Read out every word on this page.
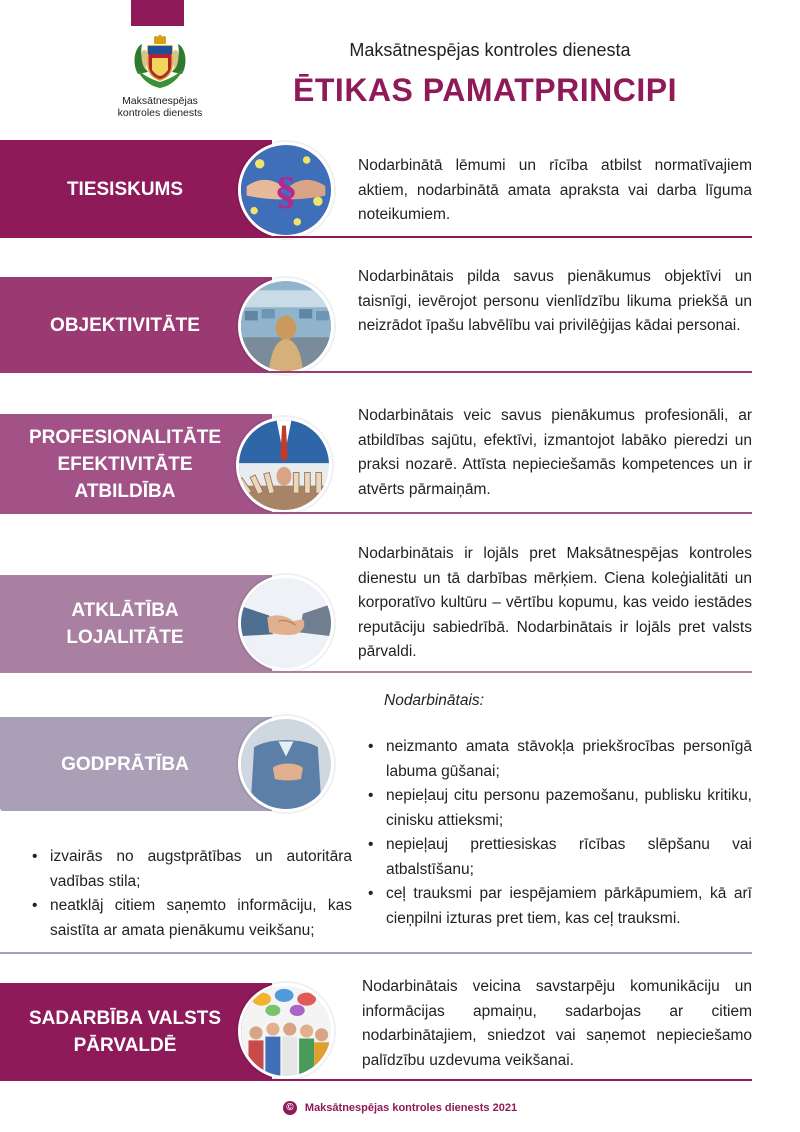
Maksātnespējas
kontroles dienests
Maksātnespējas kontroles dienesta
ĒTIKAS PAMATPRINCIPI
TIESISKUMS §
Nodarbinātā lēmumi un rīcība atbilst normatīvajiem aktiem, nodarbinātā amata apraksta vai darba līguma noteikumiem.
OBJEKTIVITĀTE
Nodarbinātais pilda savus pienākumus objektīvi un taisnīgi, ievērojot personu vienlīdzību likuma priekšā un neizrādot īpašu labvēlību vai privilēģijas kādai personai.
PROFESIONALITĀTE
EFEKTIVITĀTE
ATBILDĪBA
Nodarbinātais veic savus pienākumus profesionāli, ar atbildības sajūtu, efektīvi, izmantojot labāko pieredzi un praksi nozarē. Attīsta nepieciešamās kompetences un ir atvērts pārmaiņām.
ATKLĀTĪBA
LOJALITĀTE
Nodarbinātais ir lojāls pret Maksātnespējas kontroles dienestu un tā darbības mērķiem. Ciena koleģialitāti un korporatīvo kultūru – vērtību kopumu, kas veido iestādes reputāciju sabiedrībā. Nodarbinātais ir lojāls pret valsts pārvaldi.
GODPRĀTĪBA
Nodarbinātais:
• neizmanto amata stāvokļa priekšrocības personīgā labuma gūšanai;
• nepieļauj citu personu pazemošanu, publisku kritiku, cinisku attieksmi;
• nepieļauj prettiesiskas rīcības slēpšanu vai atbalstīšanu;
• ceļ trauksmi par iespējamiem pārkāpumiem, kā arī cieņpilni izturas pret tiem, kas ceļ trauksmi.
• izvairās no augstprātības un autoritāra vadības stila;
• neatklāj citiem saņemto informāciju, kas saistīta ar amata pienākumu veikšanu;
SADARBĪBA VALSTS
PĀRVALDĒ
Nodarbinātais veicina savstarpēju komunikāciju un informācijas apmaiņu, sadarbojas ar citiem nodarbinātajiem, sniedzot vai saņemot nepieciešamo palīdzību uzdevuma veikšanai.
©	Maksātnespējas kontroles dienests 2021
